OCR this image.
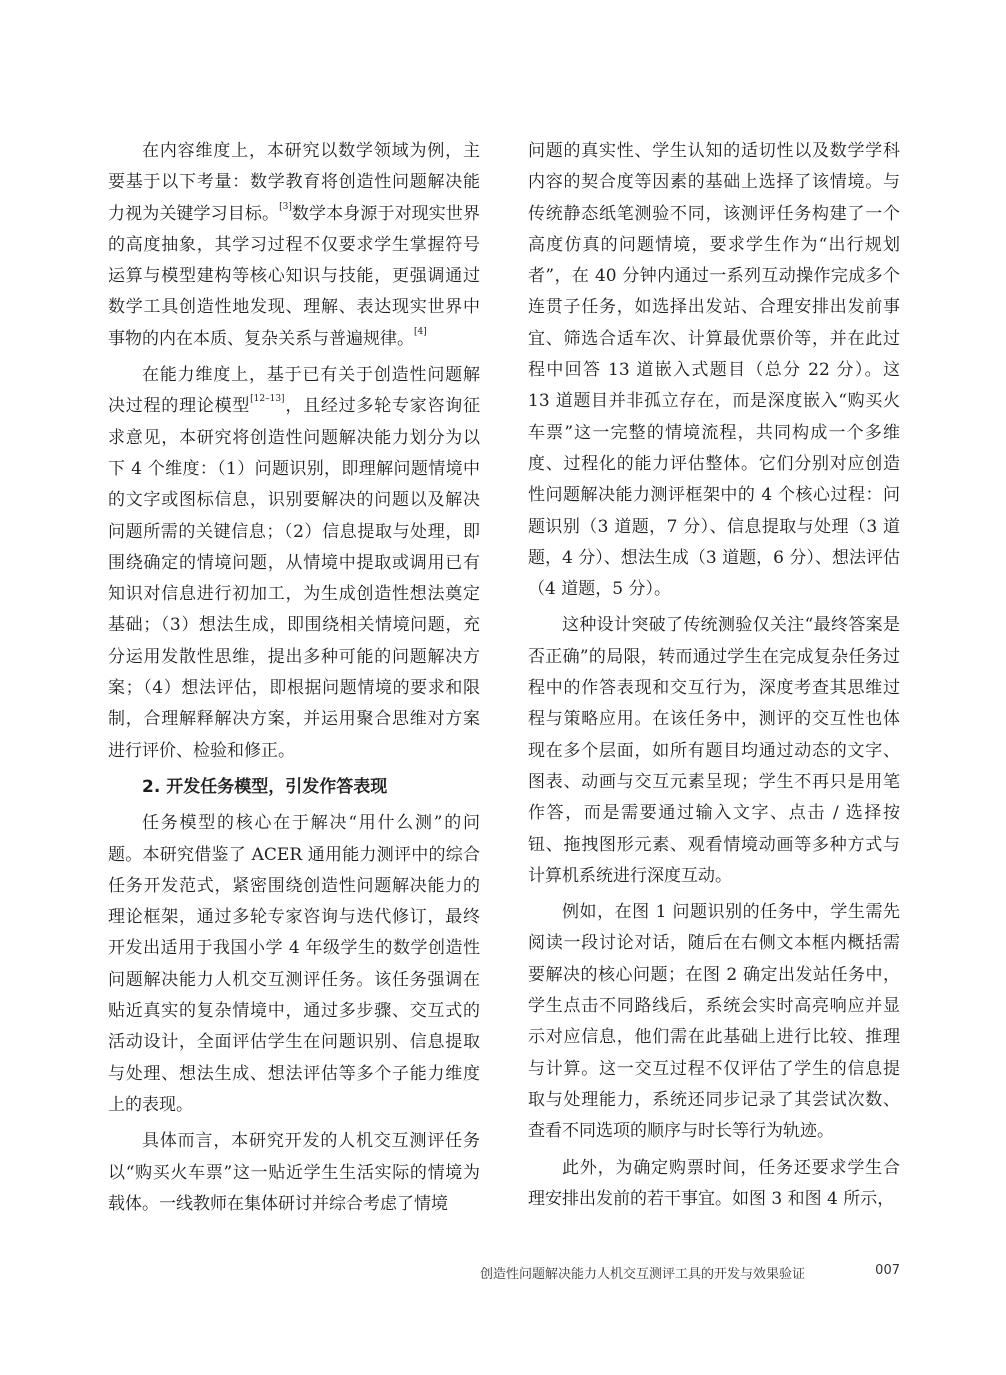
在内容维度上，本研究以数学领域为例，主要基于以下考量：数学教育将创造性问题解决能力视为关键学习目标。[3]数学本身源于对现实世界的高度抽象，其学习过程不仅要求学生掌握符号运算与模型建构等核心知识与技能，更强调通过数学工具创造性地发现、理解、表达现实世界中事物的内在本质、复杂关系与普遍规律。[4]

在能力维度上，基于已有关于创造性问题解决过程的理论模型[12–13]，且经过多轮专家咨询征求意见，本研究将创造性问题解决能力划分为以下 4 个维度：（1）问题识别，即理解问题情境中的文字或图标信息，识别要解决的问题以及解决问题所需的关键信息；（2）信息提取与处理，即围绕确定的情境问题，从情境中提取或调用已有知识对信息进行初加工，为生成创造性想法奠定基础；（3）想法生成，即围绕相关情境问题，充分运用发散性思维，提出多种可能的问题解决方案；（4）想法评估，即根据问题情境的要求和限制，合理解释解决方案，并运用聚合思维对方案进行评价、检验和修正。

2. 开发任务模型，引发作答表现

任务模型的核心在于解决“用什么测”的问题。本研究借鉴了 ACER 通用能力测评中的综合任务开发范式，紧密围绕创造性问题解决能力的理论框架，通过多轮专家咨询与迭代修订，最终开发出适用于我国小学 4 年级学生的数学创造性问题解决能力人机交互测评任务。该任务强调在贴近真实的复杂情境中，通过多步骤、交互式的活动设计，全面评估学生在问题识别、信息提取与处理、想法生成、想法评估等多个子能力维度上的表现。

具体而言，本研究开发的人机交互测评任务以“购买火车票”这一贴近学生生活实际的情境为载体。一线教师在集体研讨并综合考虑了情境

问题的真实性、学生认知的适切性以及数学学科内容的契合度等因素的基础上选择了该情境。与传统静态纸笔测验不同，该测评任务构建了一个高度仿真的问题情境，要求学生作为“出行规划者”，在 40 分钟内通过一系列互动操作完成多个连贯子任务，如选择出发站、合理安排出发前事宜、筛选合适车次、计算最优票价等，并在此过程中回答 13 道嵌入式题目（总分 22 分）。这 13 道题目并非孤立存在，而是深度嵌入“购买火车票”这一完整的情境流程，共同构成一个多维度、过程化的能力评估整体。它们分别对应创造性问题解决能力测评框架中的 4 个核心过程：问题识别（3 道题，7 分）、信息提取与处理（3 道题，4 分）、想法生成（3 道题，6 分）、想法评估（4 道题，5 分）。

这种设计突破了传统测验仅关注“最终答案是否正确”的局限，转而通过学生在完成复杂任务过程中的作答表现和交互行为，深度考查其思维过程与策略应用。在该任务中，测评的交互性也体现在多个层面，如所有题目均通过动态的文字、图表、动画与交互元素呈现；学生不再只是用笔作答，而是需要通过输入文字、点击 / 选择按钮、拖拽图形元素、观看情境动画等多种方式与计算机系统进行深度互动。

例如，在图 1 问题识别的任务中，学生需先阅读一段讨论对话，随后在右侧文本框内概括需要解决的核心问题；在图 2 确定出发站任务中，学生点击不同路线后，系统会实时高亮响应并显示对应信息，他们需在此基础上进行比较、推理与计算。这一交互过程不仅评估了学生的信息提取与处理能力，系统还同步记录了其尝试次数、查看不同选项的顺序与时长等行为轨迹。

此外，为确定购票时间，任务还要求学生合理安排出发前的若干事宜。如图 3 和图 4 所示，

创造性问题解决能力人机交互测评工具的开发与效果验证	007
